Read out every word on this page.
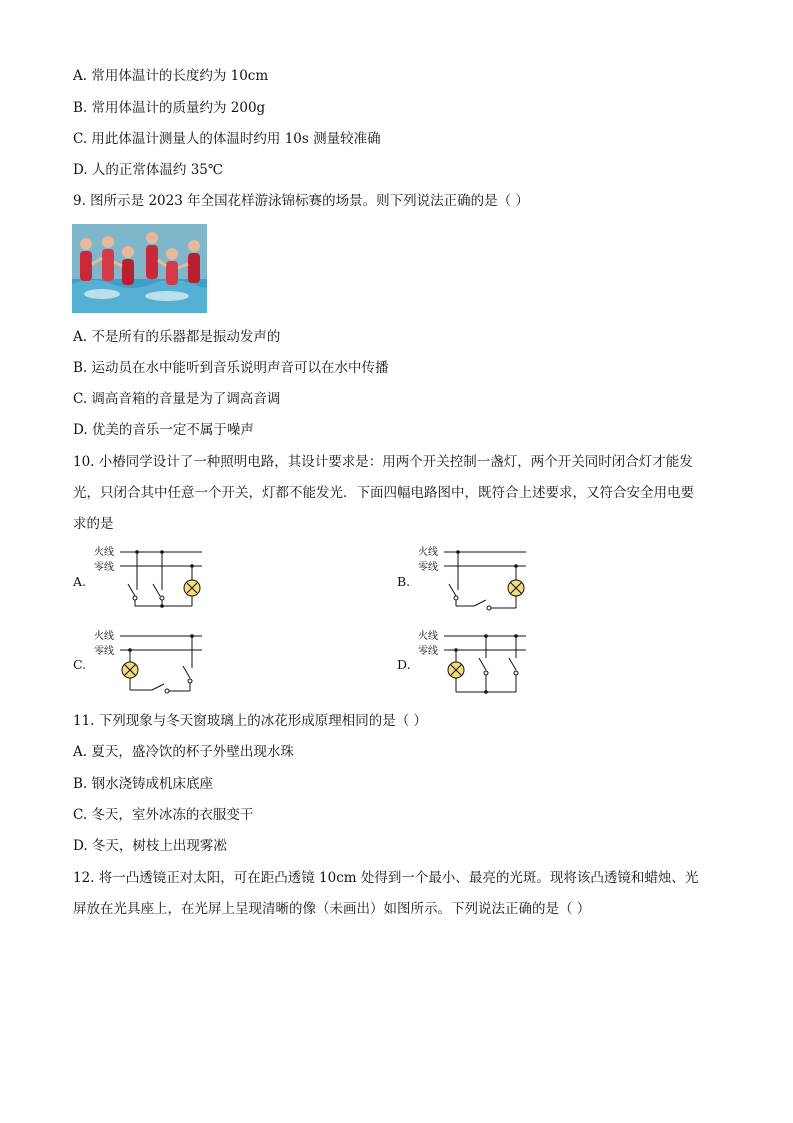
A. 常用体温计的长度约为 10cm

B. 常用体温计的质量约为 200g

C. 用此体温计测量人的体温时约用 10s 测量较准确

D. 人的正常体温约 35℃

9. 图所示是 2023 年全国花样游泳锦标赛的场景。则下列说法正确的是（ ）

A. 不是所有的乐器都是振动发声的

B. 运动员在水中能听到音乐说明声音可以在水中传播

C. 调高音箱的音量是为了调高音调

D. 优美的音乐一定不属于噪声

10. 小椿同学设计了一种照明电路，其设计要求是：用两个开关控制一盏灯，两个开关同时闭合灯才能发

光，只闭合其中任意一个开关，灯都不能发光．下面四幅电路图中，既符合上述要求，又符合安全用电要

求的是

A.	B.
C.	D.
火线
零线
火线
零线
火线
零线
火线
零线

11. 下列现象与冬天窗玻璃上的冰花形成原理相同的是（ ）

A. 夏天，盛冷饮的杯子外壁出现水珠

B. 钢水浇铸成机床底座

C. 冬天，室外冰冻的衣服变干

D. 冬天，树枝上出现雾凇

12. 将一凸透镜正对太阳，可在距凸透镜 10cm 处得到一个最小、最亮的光斑。现将该凸透镜和蜡烛、光

屏放在光具座上，在光屏上呈现清晰的像（未画出）如图所示。下列说法正确的是（ ）
